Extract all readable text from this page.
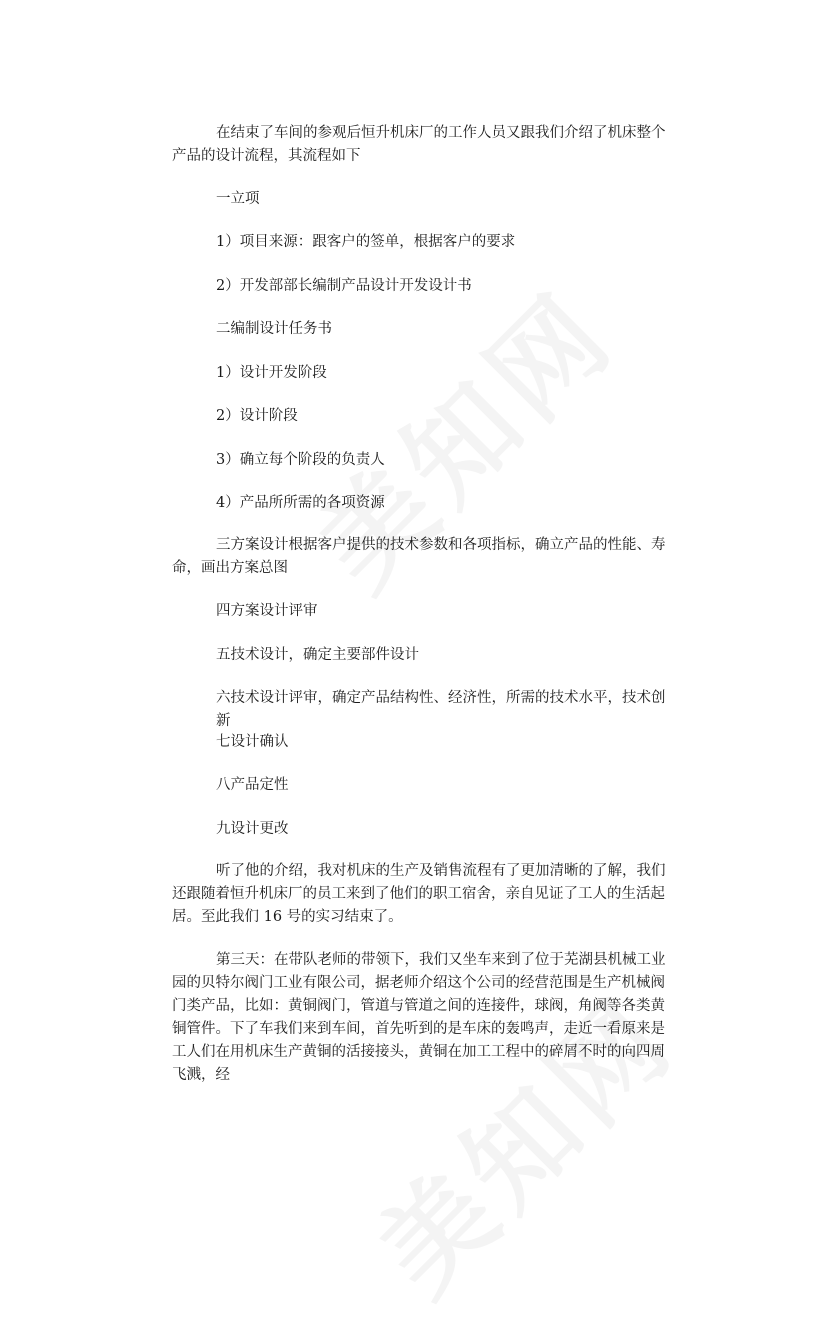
在结束了车间的参观后恒升机床厂的工作人员又跟我们介绍了机床整个产品的设计流程，其流程如下

一立项

1）项目来源：跟客户的签单，根据客户的要求

2）开发部部长编制产品设计开发设计书

二编制设计任务书

1）设计开发阶段

2）设计阶段

3）确立每个阶段的负责人

4）产品所所需的各项资源

三方案设计根据客户提供的技术参数和各项指标，确立产品的性能、寿命，画出方案总图

四方案设计评审

五技术设计，确定主要部件设计

六技术设计评审，确定产品结构性、经济性，所需的技术水平，技术创新

七设计确认

八产品定性

九设计更改

听了他的介绍，我对机床的生产及销售流程有了更加清晰的了解，我们还跟随着恒升机床厂的员工来到了他们的职工宿舍，亲自见证了工人的生活起居。至此我们 16 号的实习结束了。

第三天：在带队老师的带领下，我们又坐车来到了位于芜湖县机械工业园的贝特尔阀门工业有限公司，据老师介绍这个公司的经营范围是生产机械阀门类产品，比如：黄铜阀门，管道与管道之间的连接件，球阀，角阀等各类黄铜管件。下了车我们来到车间，首先听到的是车床的轰鸣声，走近一看原来是工人们在用机床生产黄铜的活接接头，黄铜在加工工程中的碎屑不时的向四周飞溅，经
